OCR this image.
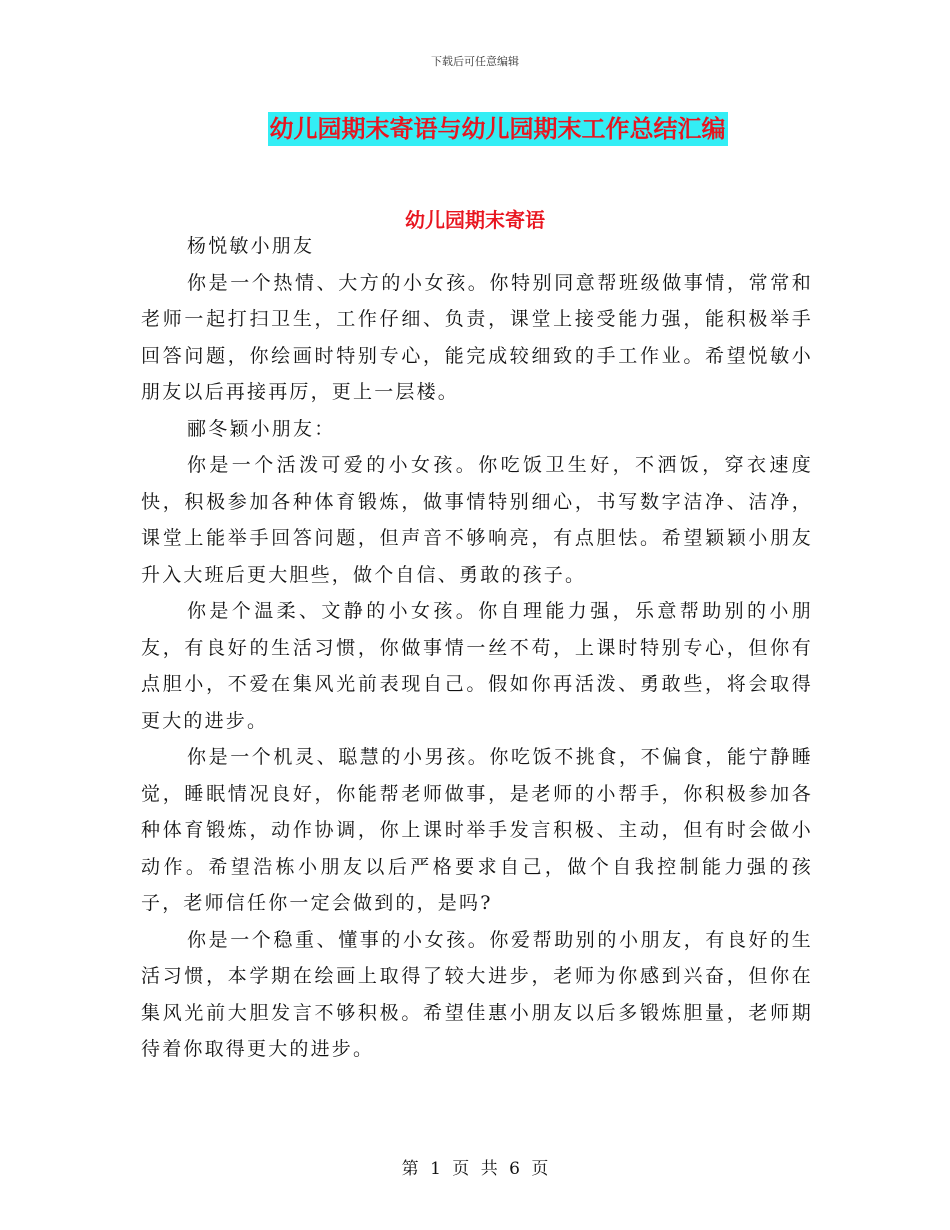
下载后可任意编辑
幼儿园期末寄语与幼儿园期末工作总结汇编
幼儿园期末寄语

杨悦敏小朋友

你是一个热情、大方的小女孩。你特别同意帮班级做事情，常常和老师一起打扫卫生，工作仔细、负责，课堂上接受能力强，能积极举手回答问题，你绘画时特别专心，能完成较细致的手工作业。希望悦敏小朋友以后再接再厉，更上一层楼。

郦冬颖小朋友：

你是一个活泼可爱的小女孩。你吃饭卫生好，不洒饭，穿衣速度快，积极参加各种体育锻炼，做事情特别细心，书写数字洁净、洁净，课堂上能举手回答问题，但声音不够响亮，有点胆怯。希望颖颖小朋友升入大班后更大胆些，做个自信、勇敢的孩子。

你是个温柔、文静的小女孩。你自理能力强，乐意帮助别的小朋友，有良好的生活习惯，你做事情一丝不苟，上课时特别专心，但你有点胆小，不爱在集风光前表现自己。假如你再活泼、勇敢些，将会取得更大的进步。

你是一个机灵、聪慧的小男孩。你吃饭不挑食，不偏食，能宁静睡觉，睡眠情况良好，你能帮老师做事，是老师的小帮手，你积极参加各种体育锻炼，动作协调，你上课时举手发言积极、主动，但有时会做小动作。希望浩栋小朋友以后严格要求自己，做个自我控制能力强的孩子，老师信任你一定会做到的，是吗?

你是一个稳重、懂事的小女孩。你爱帮助别的小朋友，有良好的生活习惯，本学期在绘画上取得了较大进步，老师为你感到兴奋，但你在集风光前大胆发言不够积极。希望佳惠小朋友以后多锻炼胆量，老师期待着你取得更大的进步。

第 1 页 共 6 页
